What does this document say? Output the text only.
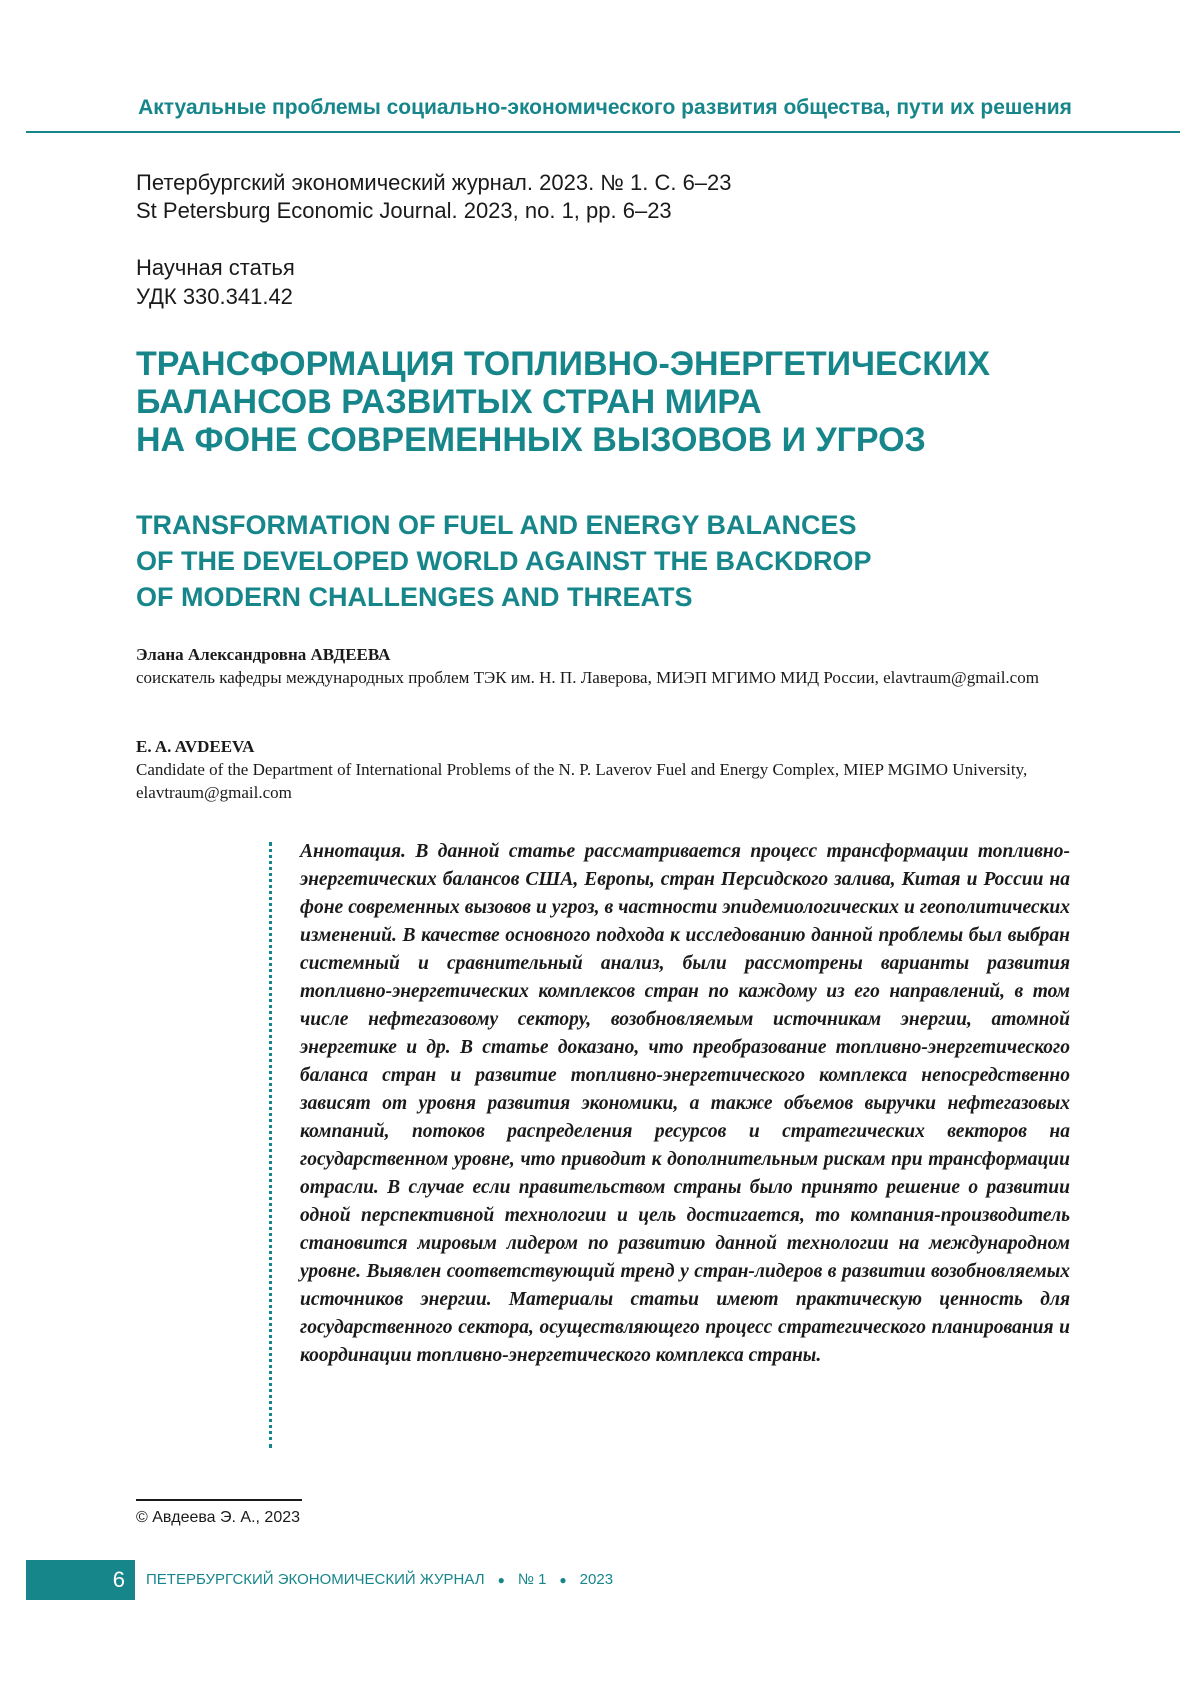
Актуальные проблемы социально-экономического развития общества, пути их решения
Петербургский экономический журнал. 2023. № 1. С. 6–23
St Petersburg Economic Journal. 2023, no. 1, pp. 6–23
Научная статья
УДК 330.341.42
ТРАНСФОРМАЦИЯ ТОПЛИВНО-ЭНЕРГЕТИЧЕСКИХ
БАЛАНСОВ РАЗВИТЫХ СТРАН МИРА
НА ФОНЕ СОВРЕМЕННЫХ ВЫЗОВОВ И УГРОЗ
TRANSFORMATION OF FUEL AND ENERGY BALANCES
OF THE DEVELOPED WORLD AGAINST THE BACKDROP
OF MODERN CHALLENGES AND THREATS
Элана Александровна АВДЕЕВА
соискатель кафедры международных проблем ТЭК им. Н. П. Лаверова, МИЭП МГИМО МИД России, elavtraum@gmail.com
E. A. AVDEEVA
Candidate of the Department of International Problems of the N. P. Laverov Fuel and Energy Complex, MIEP MGIMO University, elavtraum@gmail.com

Аннотация. В данной статье рассматривается процесс трансформации топливно-энергетических балансов США, Европы, стран Персидского залива, Китая и России на фоне современных вызовов и угроз, в частности эпидемиологических и геополитических изменений. В качестве основного подхода к исследованию данной проблемы был выбран системный и сравнительный анализ, были рассмотрены варианты развития топливно-энергетических комплексов стран по каждому из его направлений, в том числе нефтегазовому сектору, возобновляемым источникам энергии, атомной энергетике и др. В статье доказано, что преобразование топливно-энергетического баланса стран и развитие топливно-энергетического комплекса непосредственно зависят от уровня развития экономики, а также объемов выручки нефтегазовых компаний, потоков распределения ресурсов и стратегических векторов на государственном уровне, что приводит к дополнительным рискам при трансформации отрасли. В случае если правительством страны было принято решение о развитии одной перспективной технологии и цель достигается, то компания-производитель становится мировым лидером по развитию данной технологии на международном уровне. Выявлен соответствующий тренд у стран-лидеров в развитии возобновляемых источников энергии. Материалы статьи имеют практическую ценность для государственного сектора, осуществляющего процесс стратегического планирования и координации топливно-энергетического комплекса страны.

© Авдеева Э. А., 2023
6	ПЕТЕРБУРГСКИЙ ЭКОНОМИЧЕСКИЙ ЖУРНАЛ ● № 1 ● 2023
